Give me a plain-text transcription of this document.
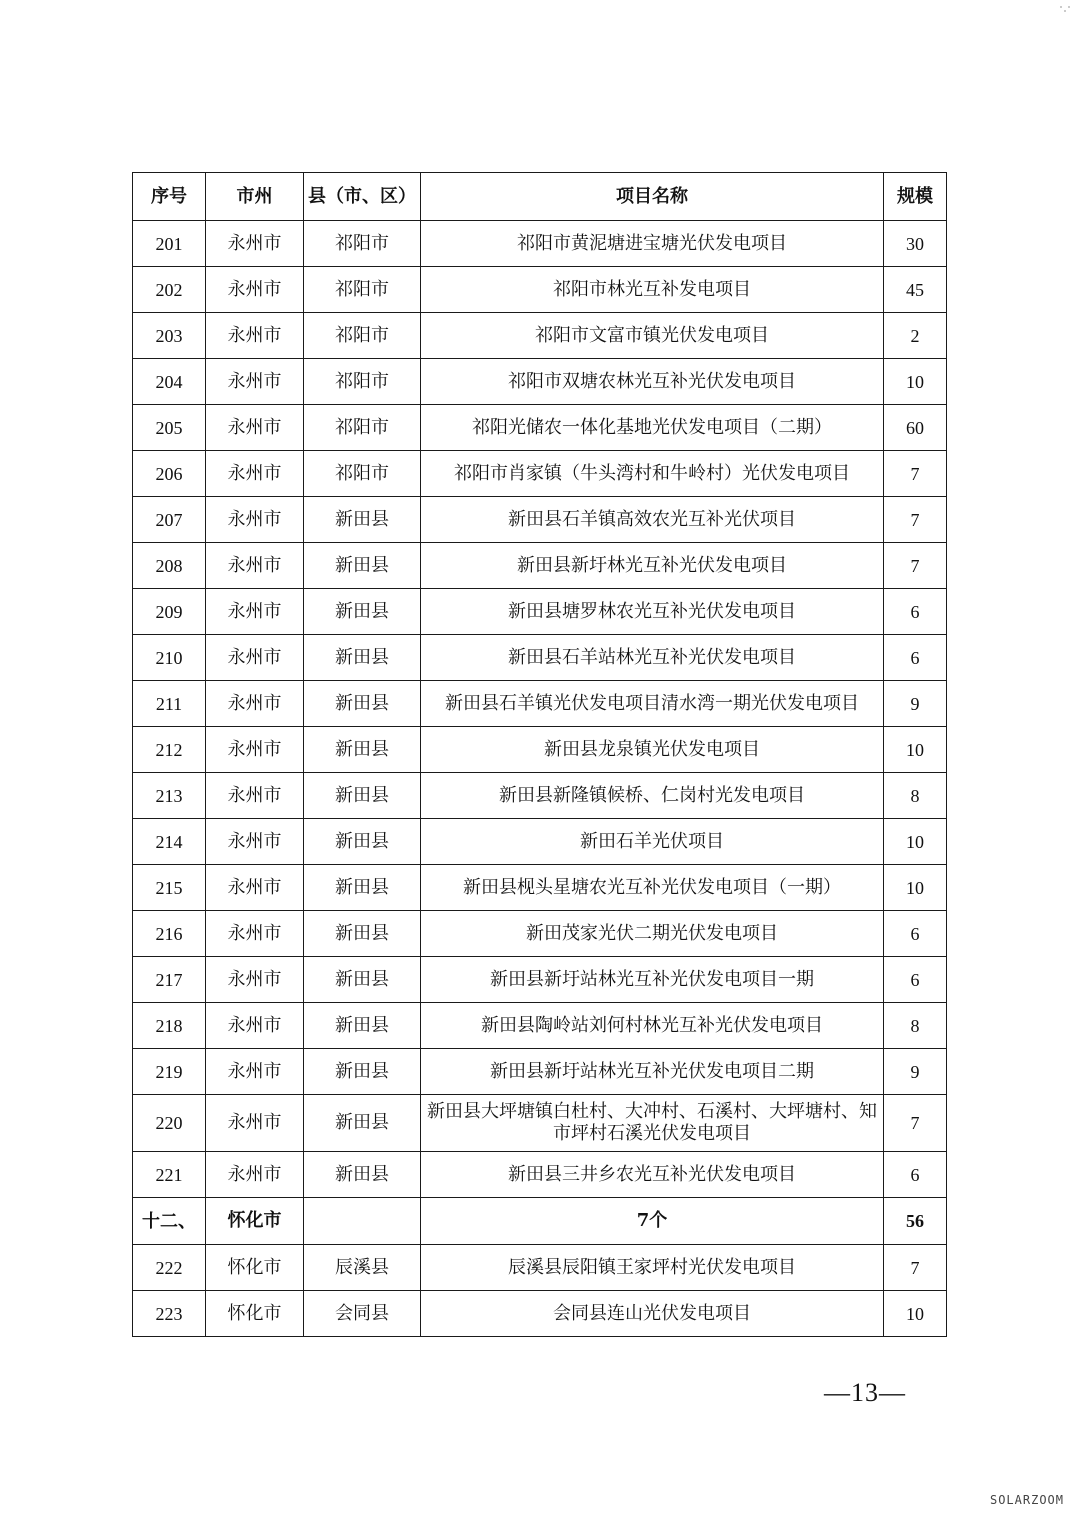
序号	市州	县（市、区）	项目名称	规模
201	永州市	祁阳市	祁阳市黄泥塘进宝塘光伏发电项目	30
202	永州市	祁阳市	祁阳市林光互补发电项目	45
203	永州市	祁阳市	祁阳市文富市镇光伏发电项目	2
204	永州市	祁阳市	祁阳市双塘农林光互补光伏发电项目	10
205	永州市	祁阳市	祁阳光储农一体化基地光伏发电项目（二期）	60
206	永州市	祁阳市	祁阳市肖家镇（牛头湾村和牛岭村）光伏发电项目	7
207	永州市	新田县	新田县石羊镇高效农光互补光伏项目	7
208	永州市	新田县	新田县新圩林光互补光伏发电项目	7
209	永州市	新田县	新田县塘罗林农光互补光伏发电项目	6
210	永州市	新田县	新田县石羊站林光互补光伏发电项目	6
211	永州市	新田县	新田县石羊镇光伏发电项目清水湾一期光伏发电项目	9
212	永州市	新田县	新田县龙泉镇光伏发电项目	10
213	永州市	新田县	新田县新隆镇候桥、仁岗村光发电项目	8
214	永州市	新田县	新田石羊光伏项目	10
215	永州市	新田县	新田县枧头星塘农光互补光伏发电项目（一期）	10
216	永州市	新田县	新田茂家光伏二期光伏发电项目	6
217	永州市	新田县	新田县新圩站林光互补光伏发电项目一期	6
218	永州市	新田县	新田县陶岭站刘何村林光互补光伏发电项目	8
219	永州市	新田县	新田县新圩站林光互补光伏发电项目二期	9
220	永州市	新田县	新田县大坪塘镇白杜村、大冲村、石溪村、大坪塘村、知市坪村石溪光伏发电项目	7
221	永州市	新田县	新田县三井乡农光互补光伏发电项目	6
十二、	怀化市		7个	56
222	怀化市	辰溪县	辰溪县辰阳镇王家坪村光伏发电项目	7
223	怀化市	会同县	会同县连山光伏发电项目	10
—13—
SOLARZOOM
